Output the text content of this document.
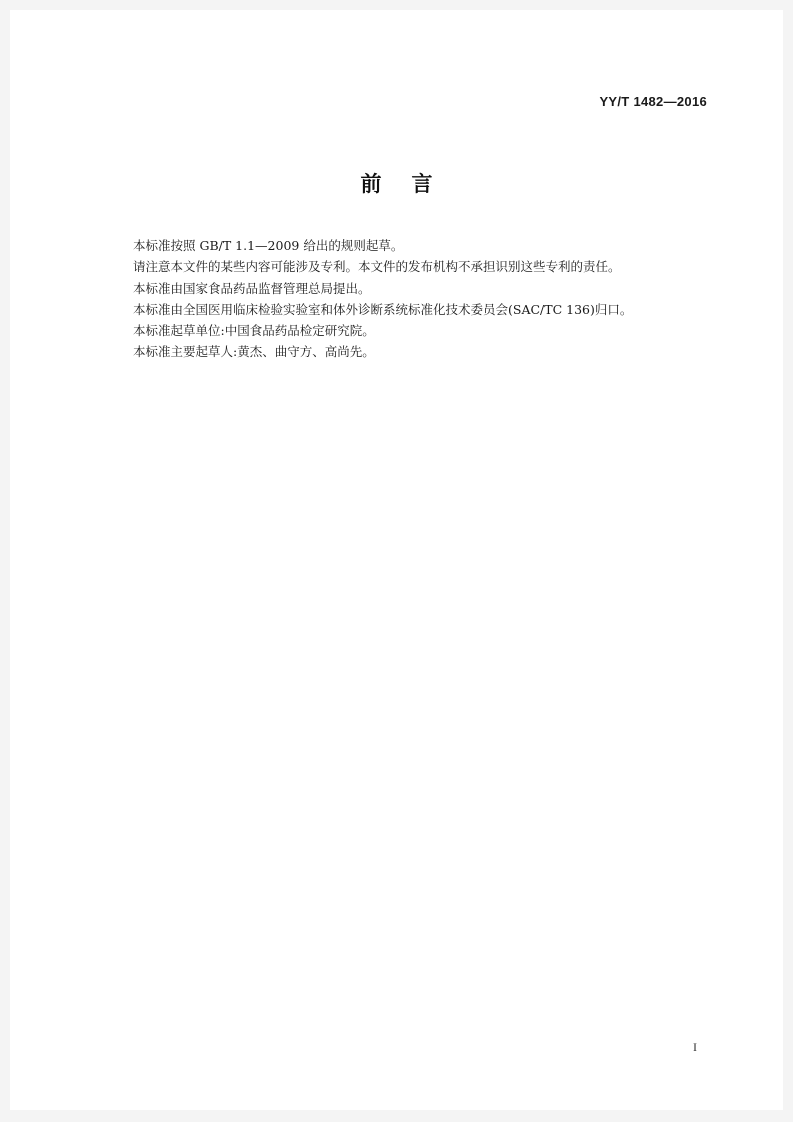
YY/T 1482—2016
前言

本标准按照 GB/T 1.1—2009 给出的规则起草。

请注意本文件的某些内容可能涉及专利。本文件的发布机构不承担识别这些专利的责任。

本标准由国家食品药品监督管理总局提出。

本标准由全国医用临床检验实验室和体外诊断系统标准化技术委员会(SAC/TC 136)归口。

本标准起草单位:中国食品药品检定研究院。

本标准主要起草人:黄杰、曲守方、高尚先。

I
